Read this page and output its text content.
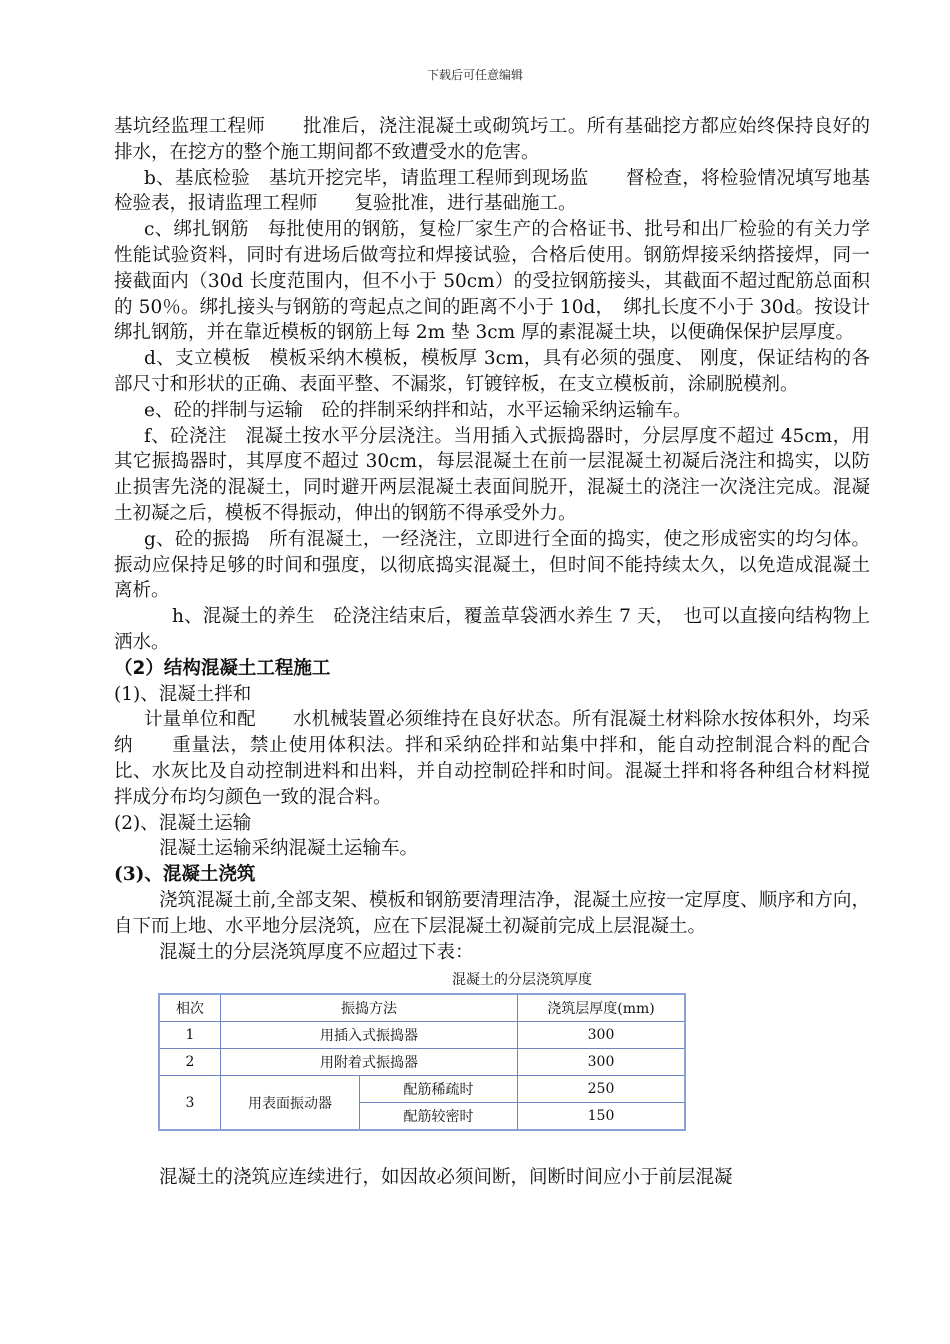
下载后可任意编辑

基坑经监理工程师　　批准后，浇注混凝土或砌筑圬工。所有基础挖方都应始终保持良好的排水，在挖方的整个施工期间都不致遭受水的危害。

b、基底检验　基坑开挖完毕，请监理工程师到现场监　　督检查，将检验情况填写地基检验表，报请监理工程师　　复验批准，进行基础施工。

c、绑扎钢筋　每批使用的钢筋，复检厂家生产的合格证书、批号和出厂检验的有关力学性能试验资料，同时有进场后做弯拉和焊接试验，合格后使用。钢筋焊接采纳搭接焊，同一接截面内（30d 长度范围内，但不小于 50cm）的受拉钢筋接头，其截面不超过配筋总面积的 50％。绑扎接头与钢筋的弯起点之间的距离不小于 10d，　绑扎长度不小于 30d。按设计绑扎钢筋，并在靠近模板的钢筋上每 2m 垫 3cm 厚的素混凝土块，以便确保保护层厚度。

d、支立模板　模板采纳木模板，模板厚 3cm，具有必须的强度、 刚度，保证结构的各部尺寸和形状的正确、表面平整、不漏浆，钉镀锌板，在支立模板前，涂刷脱模剂。

e、砼的拌制与运输　砼的拌制采纳拌和站，水平运输采纳运输车。

f、砼浇注　混凝土按水平分层浇注。当用插入式振捣器时，分层厚度不超过 45cm，用其它振捣器时，其厚度不超过 30cm，每层混凝土在前一层混凝土初凝后浇注和捣实，以防止损害先浇的混凝土，同时避开两层混凝土表面间脱开，混凝土的浇注一次浇注完成。混凝土初凝之后，模板不得振动，伸出的钢筋不得承受外力。

g、砼的振捣　所有混凝土，一经浇注，立即进行全面的捣实，使之形成密实的均匀体。振动应保持足够的时间和强度，以彻底捣实混凝土，但时间不能持续太久，以免造成混凝土离析。

h、混凝土的养生　砼浇注结束后，覆盖草袋洒水养生 7 天，　也可以直接向结构物上洒水。

（2）结构混凝土工程施工

(1)、混凝土拌和

计量单位和配　　水机械装置必须维持在良好状态。所有混凝土材料除水按体积外，均采纳　　重量法，禁止使用体积法。拌和采纳砼拌和站集中拌和，能自动控制混合料的配合比、水灰比及自动控制进料和出料，并自动控制砼拌和时间。混凝土拌和将各种组合材料搅拌成分布均匀颜色一致的混合料。

(2)、混凝土运输

混凝土运输采纳混凝土运输车。

(3)、混凝土浇筑

浇筑混凝土前,全部支架、模板和钢筋要清理洁净，混凝土应按一定厚度、顺序和方向，自下而上地、水平地分层浇筑，应在下层混凝土初凝前完成上层混凝土。

混凝土的分层浇筑厚度不应超过下表：

混凝土的分层浇筑厚度
相次	振捣方法		浇筑层厚度(mm)
1	用插入式振捣器		300
2	用附着式振捣器		300
3	用表面振动器	配筋稀疏时	250
		配筋较密时	150

混凝土的浇筑应连续进行，如因故必须间断，间断时间应小于前层混凝
